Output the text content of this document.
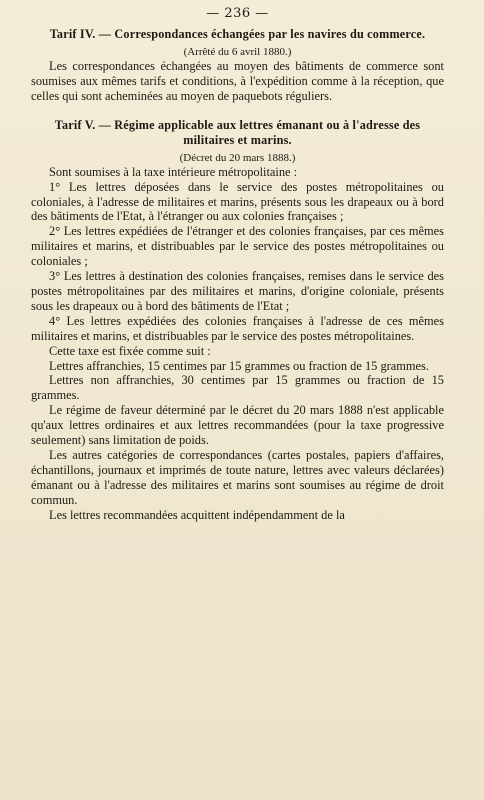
— 236 —
Tarif IV. — Correspondances échangées par les navires du commerce.
(Arrêté du 6 avril 1880.)

Les correspondances échangées au moyen des bâtiments de commerce sont soumises aux mêmes tarifs et conditions, à l'expédition comme à la réception, que celles qui sont acheminées au moyen de paquebots réguliers.

Tarif V. — Régime applicable aux lettres émanant ou à l'adresse des militaires et marins.
(Décret du 20 mars 1888.)

Sont soumises à la taxe intérieure métropolitaine :

1° Les lettres déposées dans le service des postes métropolitaines ou coloniales, à l'adresse de militaires et marins, présents sous les drapeaux ou à bord des bâtiments de l'Etat, à l'étranger ou aux colonies françaises ;

2° Les lettres expédiées de l'étranger et des colonies françaises, par ces mêmes militaires et marins, et distribuables par le service des postes métropolitaines ou coloniales ;

3° Les lettres à destination des colonies françaises, remises dans le service des postes métropolitaines par des militaires et marins, d'origine coloniale, présents sous les drapeaux ou à bord des bâtiments de l'Etat ;

4° Les lettres expédiées des colonies françaises à l'adresse de ces mêmes militaires et marins, et distribuables par le service des postes métropolitaines.

Cette taxe est fixée comme suit :

Lettres affranchies, 15 centimes par 15 grammes ou fraction de 15 grammes.

Lettres non affranchies, 30 centimes par 15 grammes ou fraction de 15 grammes.

Le régime de faveur déterminé par le décret du 20 mars 1888 n'est applicable qu'aux lettres ordinaires et aux lettres recommandées (pour la taxe progressive seulement) sans limitation de poids.

Les autres catégories de correspondances (cartes postales, papiers d'affaires, échantillons, journaux et imprimés de toute nature, lettres avec valeurs déclarées) émanant ou à l'adresse des militaires et marins sont soumises au régime de droit commun.

Les lettres recommandées acquittent indépendamment de la
